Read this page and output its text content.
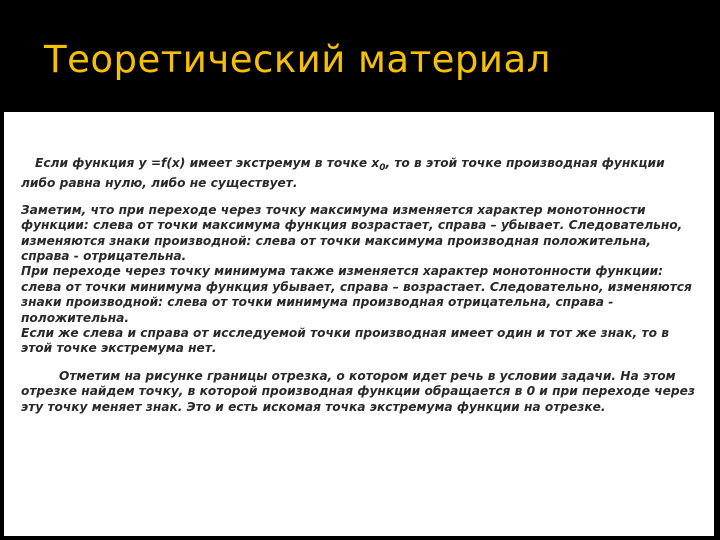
Теоретический материал

Если функция у =f(x) имеет экстремум в точке $х_0$, то в этой точке производная функции либо равна нулю, либо не существует.

Заметим, что при переходе через точку максимума изменяется характер монотонности функции: слева от точки максимума функция возрастает, справа – убывает. Следовательно, изменяются знаки производной: слева от точки максимума производная положительна, справа - отрицательна.

При переходе через точку минимума также изменяется характер монотонности функции: слева от точки минимума функция убывает, справа – возрастает. Следовательно, изменяются знаки производной: слева от точки минимума производная отрицательна, справа - положительна.

Если же слева и справа от исследуемой точки производная имеет один и тот же знак, то в этой точке экстремума нет.

Отметим на рисунке границы отрезка, о котором идет речь в условии задачи. На этом отрезке найдем точку, в которой производная функции обращается в 0 и при переходе через эту точку меняет знак. Это и есть искомая точка экстремума функции на отрезке.
